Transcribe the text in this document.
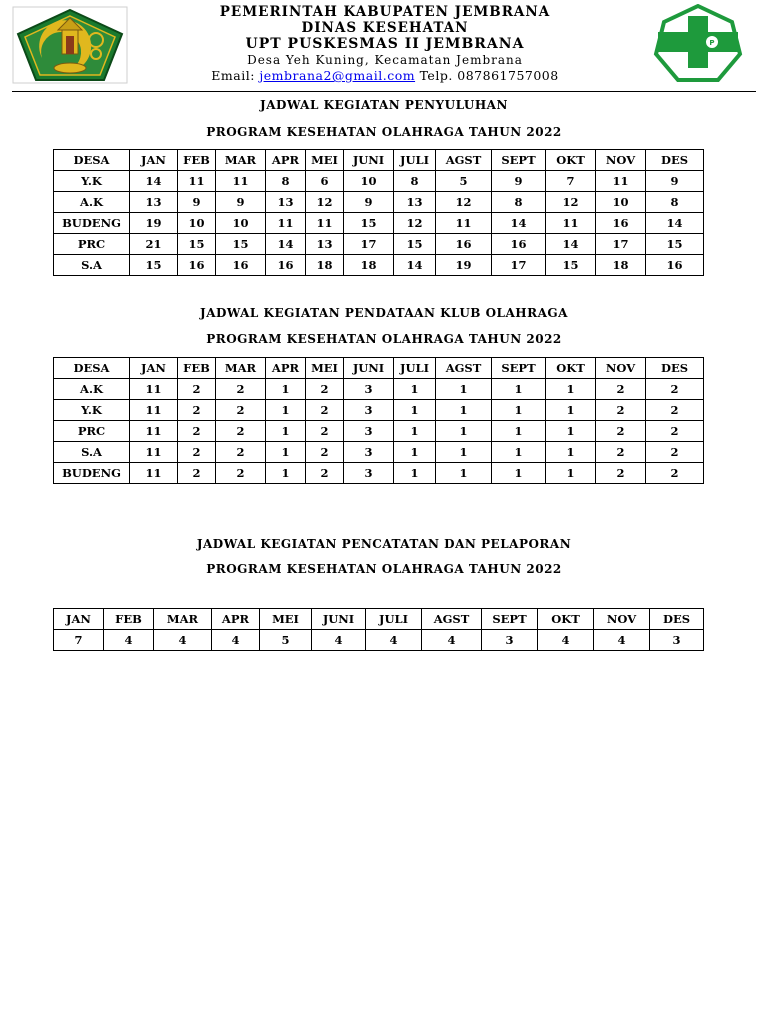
PEMERINTAH KABUPATEN JEMBRANA
DINAS KESEHATAN
UPT PUSKESMAS II JEMBRANA
Desa Yeh Kuning, Kecamatan Jembrana
Email: jembrana2@gmail.com Telp. 087861757008
P
JADWAL KEGIATAN PENYULUHAN
PROGRAM KESEHATAN OLAHRAGA TAHUN 2022
DESA	JAN	FEB	MAR	APR	MEI	JUNI	JULI	AGST	SEPT	OKT	NOV	DES
Y.K	14	11	11	8	6	10	8	5	9	7	11	9
A.K	13	9	9	13	12	9	13	12	8	12	10	8
BUDENG	19	10	10	11	11	15	12	11	14	11	16	14
PRC	21	15	15	14	13	17	15	16	16	14	17	15
S.A	15	16	16	16	18	18	14	19	17	15	18	16
JADWAL KEGIATAN PENDATAAN KLUB OLAHRAGA
PROGRAM KESEHATAN OLAHRAGA TAHUN 2022
DESA	JAN	FEB	MAR	APR	MEI	JUNI	JULI	AGST	SEPT	OKT	NOV	DES
A.K	11	2	2	1	2	3	1	1	1	1	2	2
Y.K	11	2	2	1	2	3	1	1	1	1	2	2
PRC	11	2	2	1	2	3	1	1	1	1	2	2
S.A	11	2	2	1	2	3	1	1	1	1	2	2
BUDENG	11	2	2	1	2	3	1	1	1	1	2	2
JADWAL KEGIATAN PENCATATAN DAN PELAPORAN
PROGRAM KESEHATAN OLAHRAGA TAHUN 2022
JAN	FEB	MAR	APR	MEI	JUNI	JULI	AGST	SEPT	OKT	NOV	DES
7	4	4	4	5	4	4	4	3	4	4	3
